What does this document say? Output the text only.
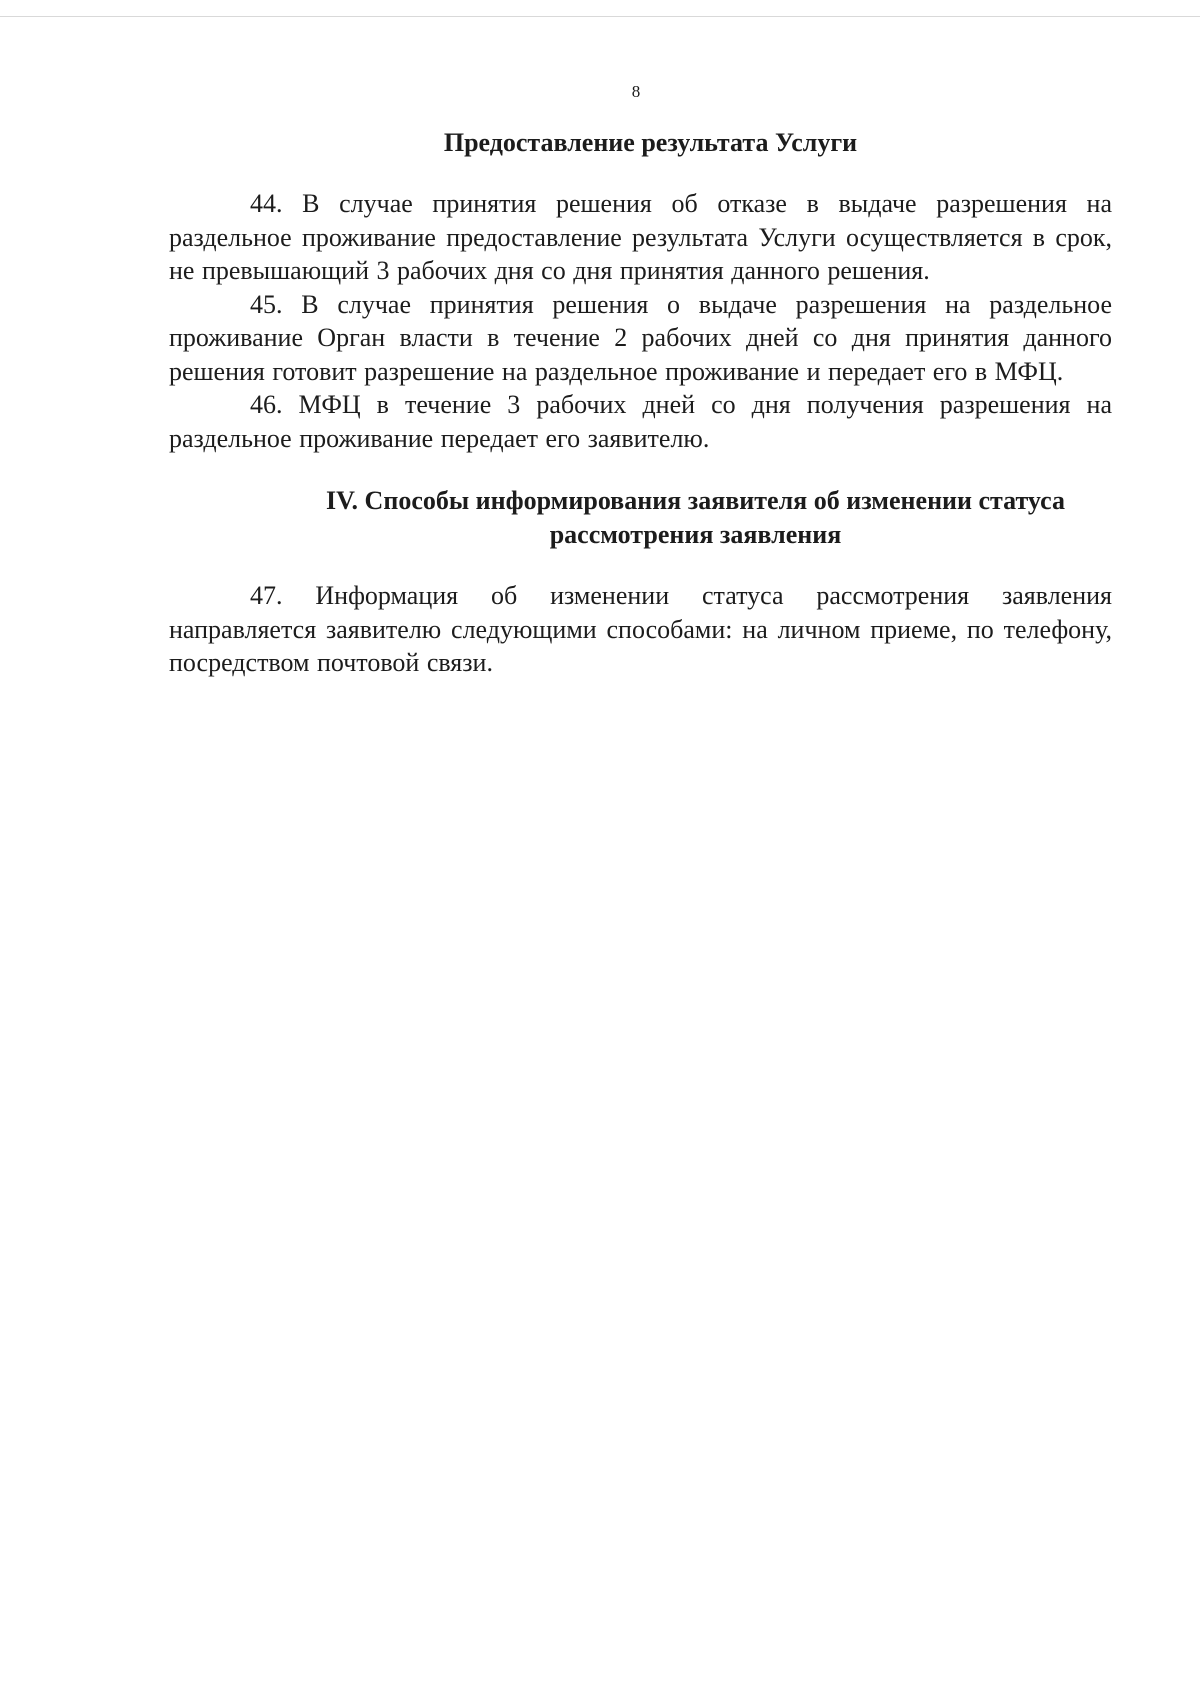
8
Предоставление результата Услуги

44. В случае принятия решения об отказе в выдаче разрешения на раздельное проживание предоставление результата Услуги осуществляется в срок, не превышающий 3 рабочих дня со дня принятия данного решения.

45. В случае принятия решения о выдаче разрешения на раздельное проживание Орган власти в течение 2 рабочих дней со дня принятия данного решения готовит разрешение на раздельное проживание и передает его в МФЦ.

46. МФЦ в течение 3 рабочих дней со дня получения разрешения на раздельное проживание передает его заявителю.

IV. Способы информирования заявителя об изменении статуса
рассмотрения заявления

47. Информация об изменении статуса рассмотрения заявления направляется заявителю следующими способами: на личном приеме, по телефону, посредством почтовой связи.
